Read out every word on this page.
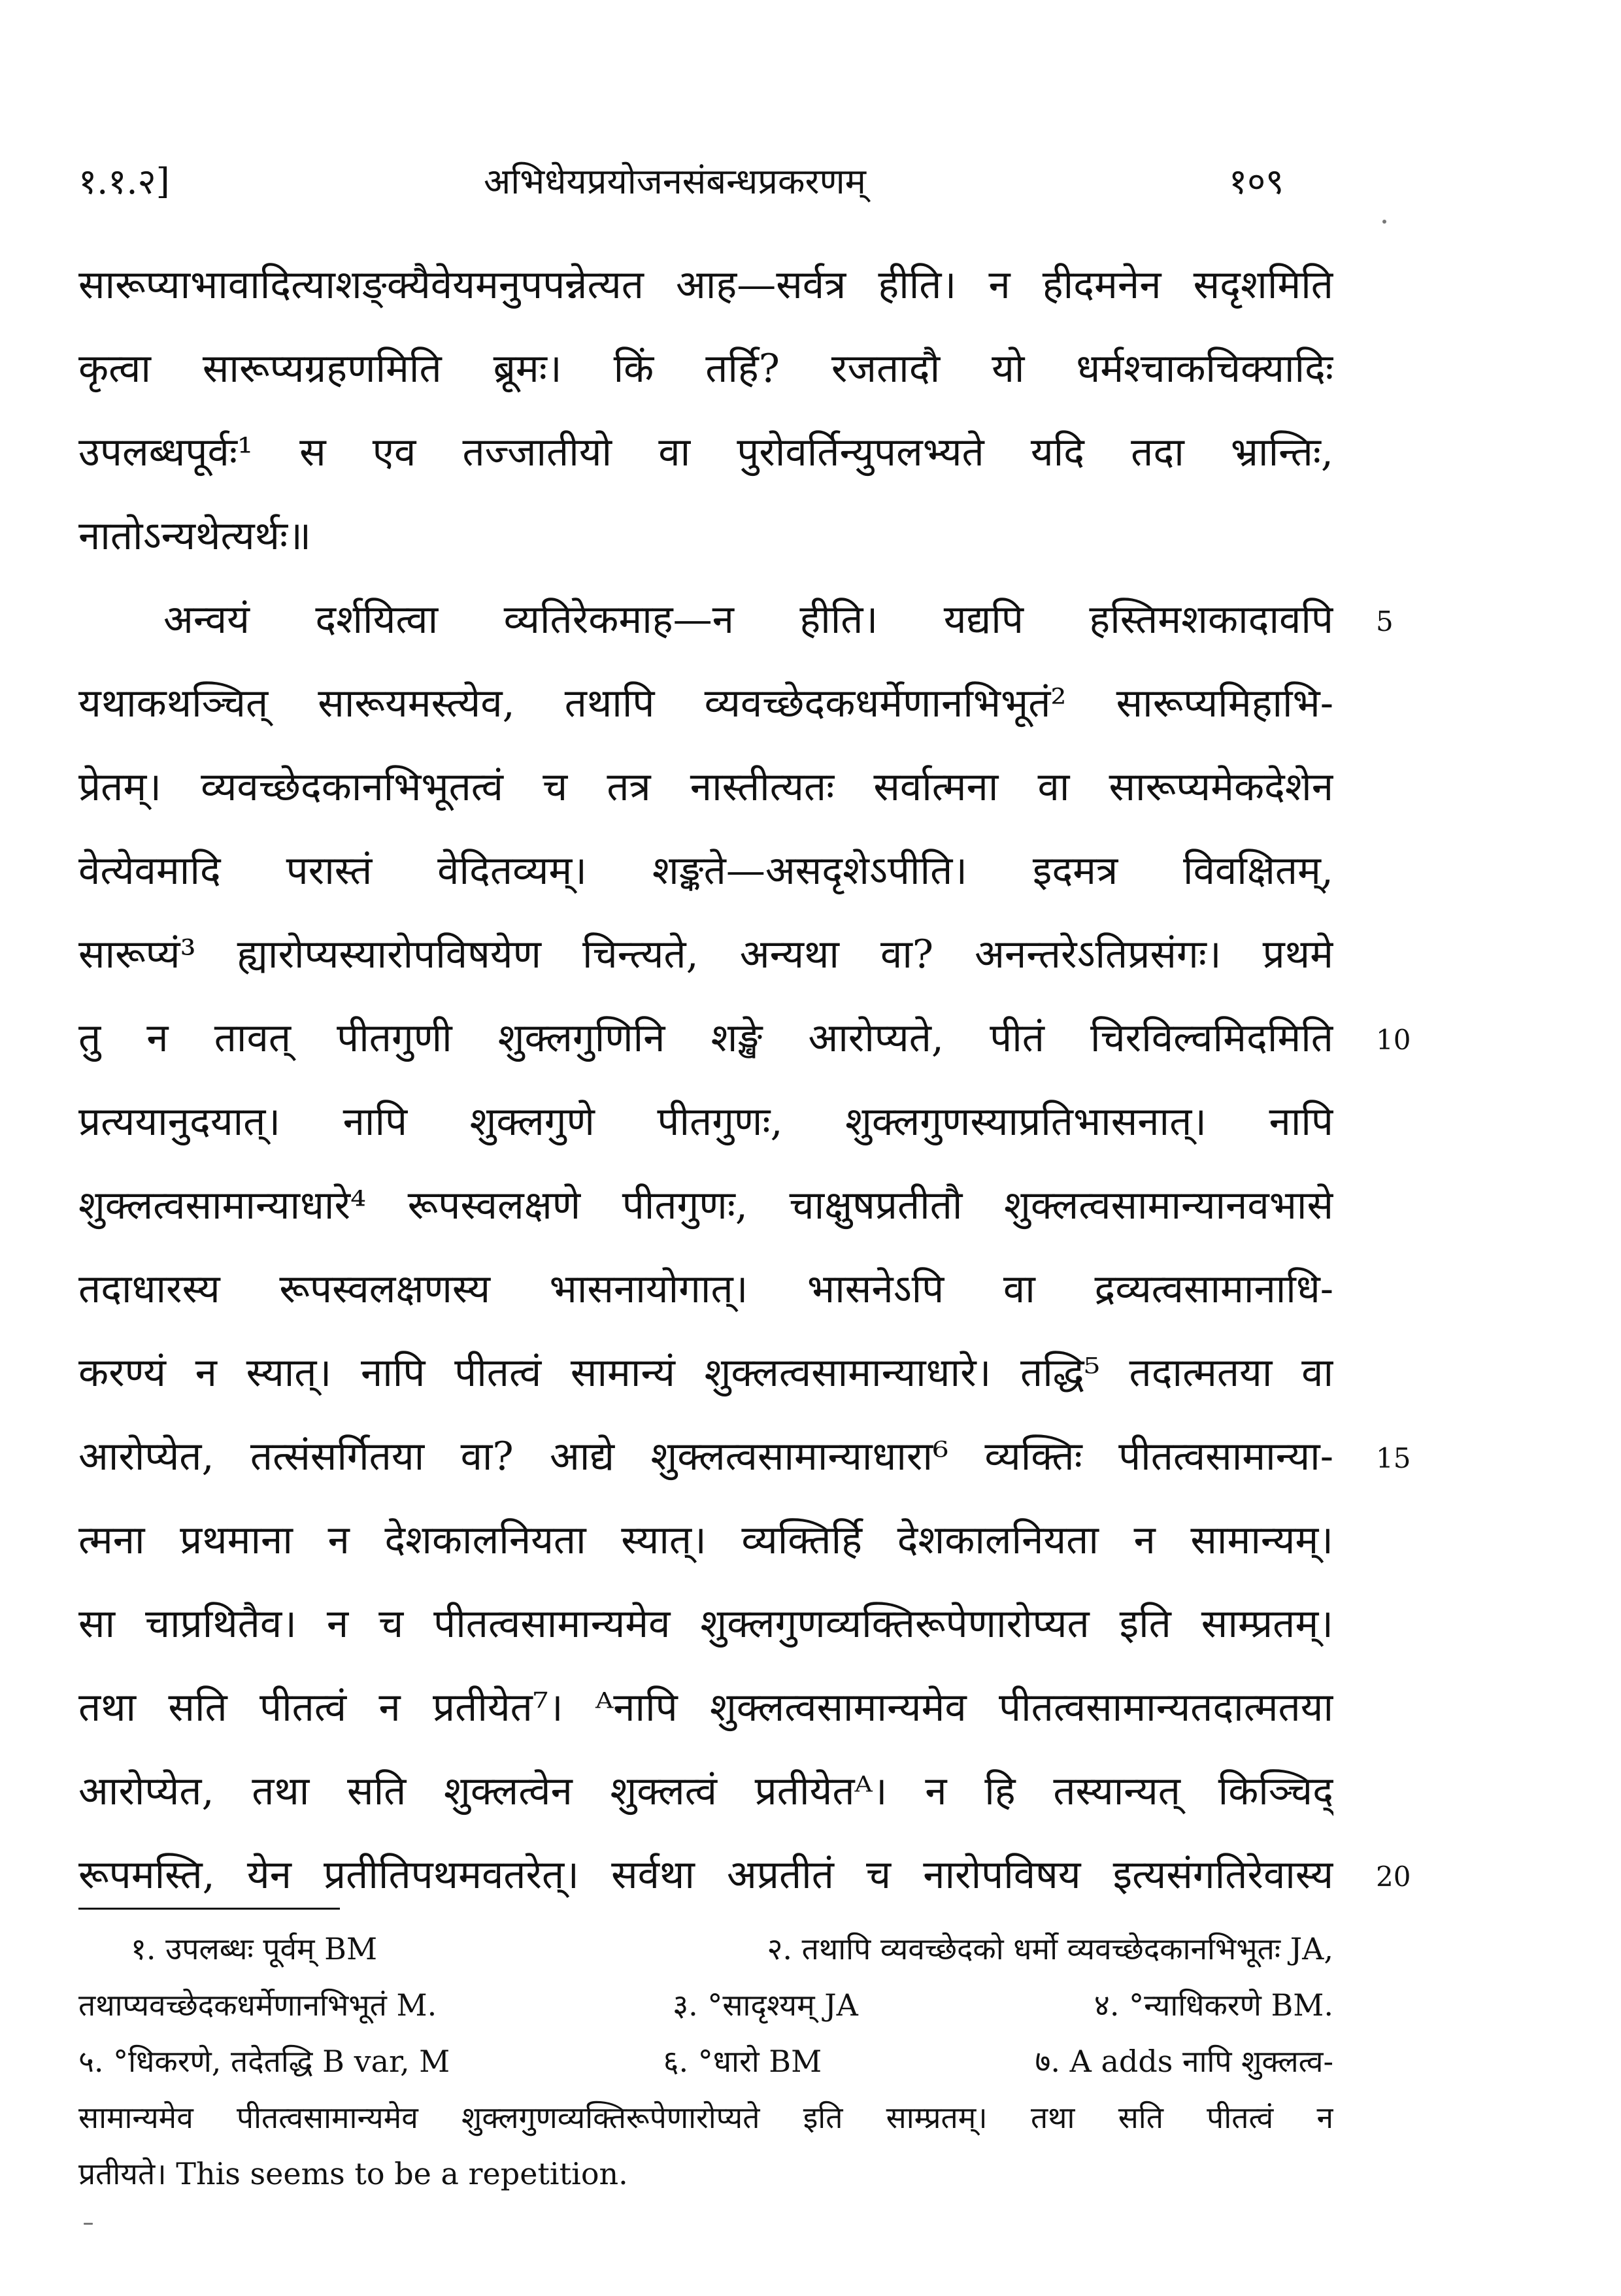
१.१.२]	अभिधेयप्रयोजनसंबन्धप्रकरणम्	१०९
सारूप्याभावादित्याशङ्क्यैवेयमनुपपन्नेत्यत आह—सर्वत्र हीति। न हीदमनेन सदृशमिति
कृत्वा सारूप्यग्रहणमिति ब्रूमः। किं तर्हि? रजतादौ यो धर्मश्चाकचिक्यादिः
उपलब्धपूर्वः¹ स एव तज्जातीयो वा पुरोवर्तिन्युपलभ्यते यदि तदा भ्रान्तिः,
नातोऽन्यथेत्यर्थः॥
अन्वयं दर्शयित्वा व्यतिरेकमाह—न हीति। यद्यपि हस्तिमशकादावपि
यथाकथञ्चित् सारूयमस्त्येव, तथापि व्यवच्छेदकधर्मेणानभिभूतं² सारूप्यमिहाभि-
प्रेतम्। व्यवच्छेदकानभिभूतत्वं च तत्र नास्तीत्यतः सर्वात्मना वा सारूप्यमेकदेशेन
वेत्येवमादि परास्तं वेदितव्यम्। शङ्कते—असदृशेऽपीति। इदमत्र विवक्षितम्,
सारूप्यं³ ह्यारोप्यस्यारोपविषयेण चिन्त्यते, अन्यथा वा? अनन्तरेऽतिप्रसंगः। प्रथमे
तु न तावत् पीतगुणी शुक्लगुणिनि शङ्खे आरोप्यते, पीतं चिरविल्वमिदमिति
प्रत्ययानुदयात्। नापि शुक्लगुणे पीतगुणः, शुक्लगुणस्याप्रतिभासनात्। नापि
शुक्लत्वसामान्याधारे⁴ रूपस्वलक्षणे पीतगुणः, चाक्षुषप्रतीतौ शुक्लत्वसामान्यानवभासे
तदाधारस्य रूपस्वलक्षणस्य भासनायोगात्। भासनेऽपि वा द्रव्यत्वसामानाधि-
करण्यं न स्यात्। नापि पीतत्वं सामान्यं शुक्लत्वसामान्याधारे। तद्धि⁵ तदात्मतया वा
आरोप्येत, तत्संसर्गितया वा? आद्ये शुक्लत्वसामान्याधारा⁶ व्यक्तिः पीतत्वसामान्या-
त्मना प्रथमाना न देशकालनियता स्यात्। व्यक्तिर्हि देशकालनियता न सामान्यम्।
सा चाप्रथितैव। न च पीतत्वसामान्यमेव शुक्लगुणव्यक्तिरूपेणारोप्यत इति साम्प्रतम्।
तथा सति पीतत्वं न प्रतीयेत⁷। ᴬनापि शुक्लत्वसामान्यमेव पीतत्वसामान्यतदात्मतया
आरोप्येत, तथा सति शुक्लत्वेन शुक्लत्वं प्रतीयेतᴬ। न हि तस्यान्यत् किञ्चिद्
रूपमस्ति, येन प्रतीतिपथमवतरेत्। सर्वथा अप्रतीतं च नारोपविषय इत्यसंगतिरेवास्य
5
10
15
20
१. उपलब्धः पूर्वम् BM	२. तथापि व्यवच्छेदको धर्मो व्यवच्छेदकानभिभूतः JA,
तथाप्यवच्छेदकधर्मेणानभिभूतं M.	३. °सादृश्यम् JA	४. °न्याधिकरणे BM.
५. °धिकरणे, तदेतद्धि B var, M	६. °धारो BM	७. A adds नापि शुक्लत्व-
सामान्यमेव पीतत्वसामान्यमेव शुक्लगुणव्यक्तिरूपेणारोप्यते इति साम्प्रतम्। तथा सति पीतत्वं न
प्रतीयते। This seems to be a repetition.
